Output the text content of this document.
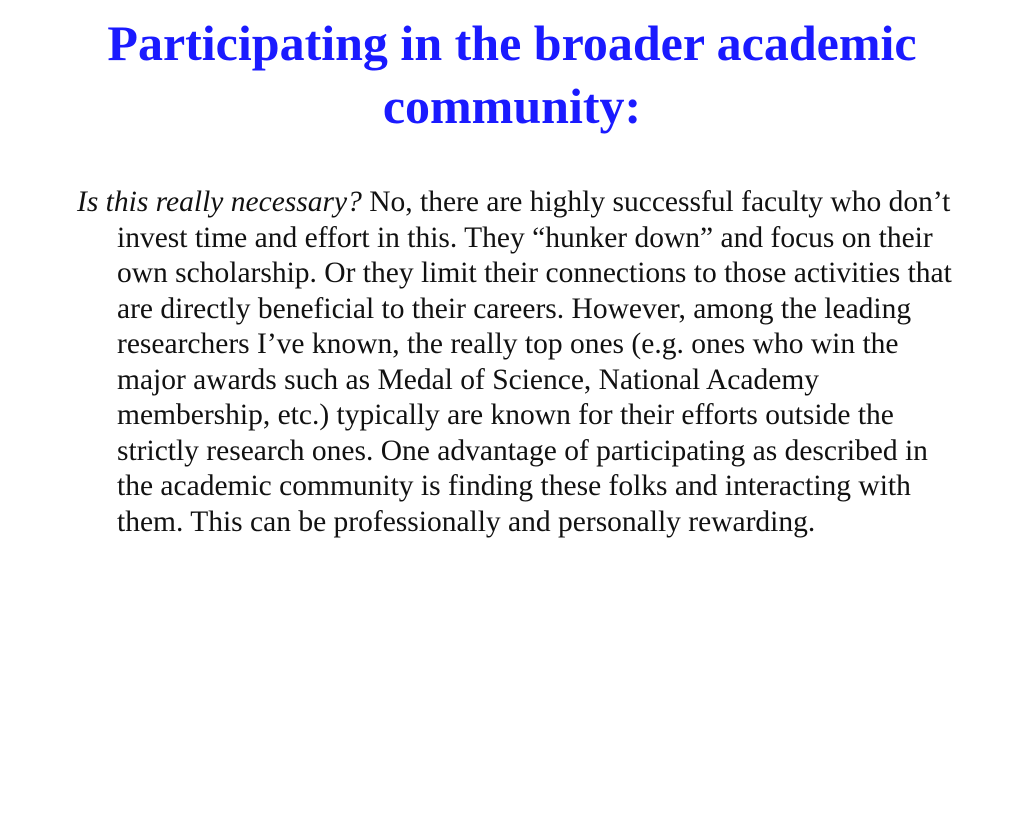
Participating in the broader academic community:

Is this really necessary? No, there are highly successful faculty who don’t invest time and effort in this. They “hunker down” and focus on their own scholarship. Or they limit their connections to those activities that are directly beneficial to their careers. However, among the leading researchers I’ve known, the really top ones (e.g. ones who win the major awards such as Medal of Science, National Academy membership, etc.) typically are known for their efforts outside the strictly research ones. One advantage of participating as described in the academic community is finding these folks and interacting with them. This can be professionally and personally rewarding.
